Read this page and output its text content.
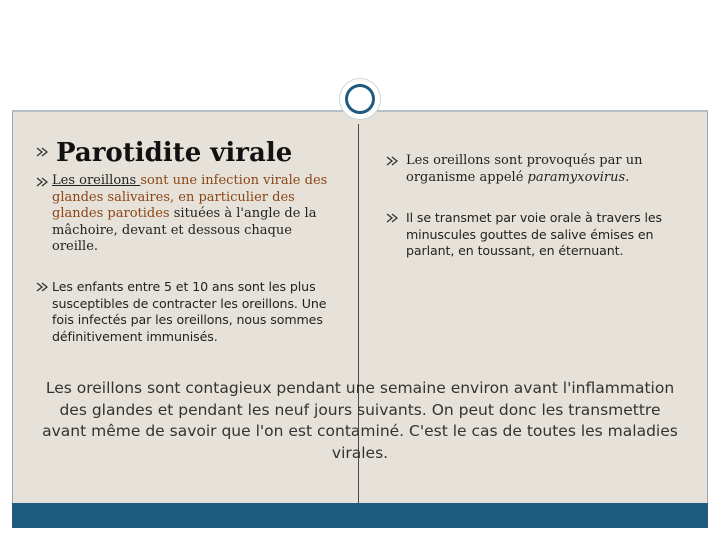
Parotidite virale

Les oreillons sont une infection virale des glandes salivaires, en particulier des glandes parotides situées à l'angle de la mâchoire, devant et dessous chaque oreille.

Les enfants entre 5 et 10 ans sont les plus susceptibles de contracter les oreillons. Une fois infectés par les oreillons, nous sommes définitivement immunisés.

Les oreillons sont provoqués par un organisme appelé paramyxovirus.

Il se transmet par voie orale à travers les minuscules gouttes de salive émises en parlant, en toussant, en éternuant.

Les oreillons sont contagieux pendant une semaine environ avant l'inflammation des glandes et pendant les neuf jours suivants. On peut donc les transmettre avant même de savoir que l'on est contaminé. C'est le cas de toutes les maladies virales.
